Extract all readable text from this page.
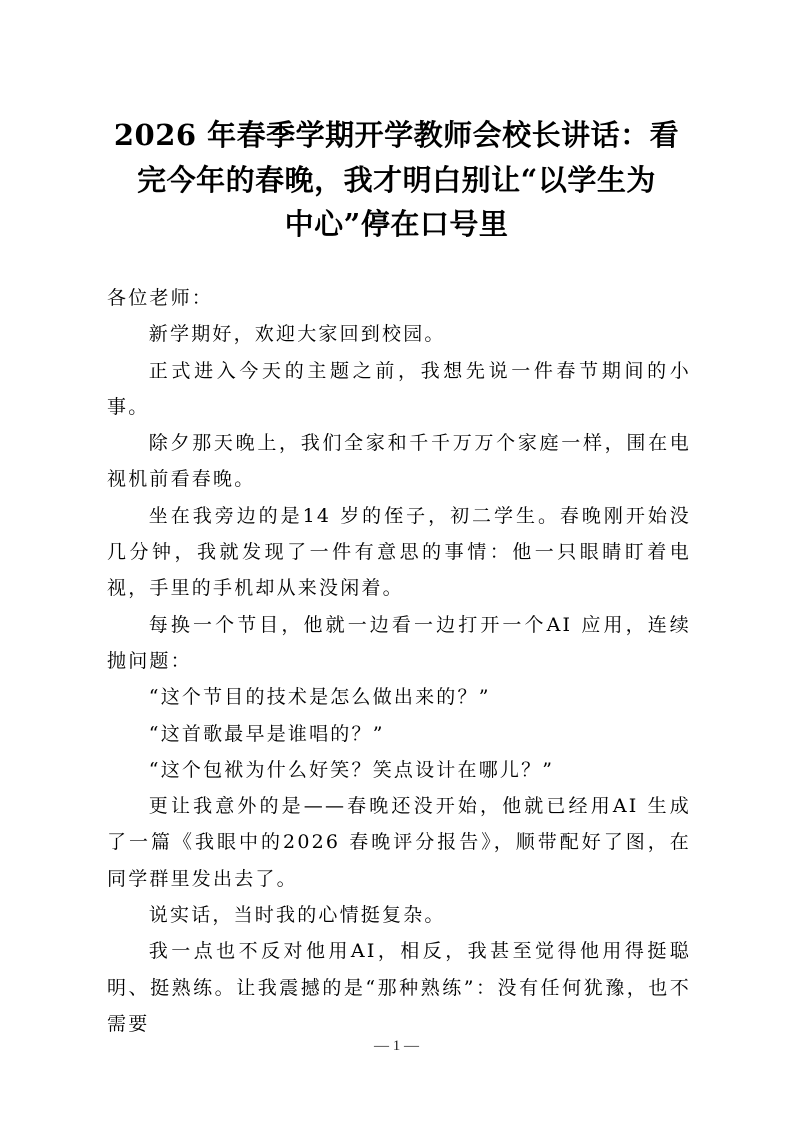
2026 年春季学期开学教师会校长讲话：看
完今年的春晚，我才明白别让“以学生为
中心”停在口号里

各位老师：

新学期好，欢迎大家回到校园。

正式进入今天的主题之前，我想先说一件春节期间的小事。

除夕那天晚上，我们全家和千千万万个家庭一样，围在电视机前看春晚。

坐在我旁边的是14 岁的侄子，初二学生。春晚刚开始没几分钟，我就发现了一件有意思的事情：他一只眼睛盯着电视，手里的手机却从来没闲着。

每换一个节目，他就一边看一边打开一个AI 应用，连续抛问题：

“这个节目的技术是怎么做出来的？”

“这首歌最早是谁唱的？”

“这个包袱为什么好笑？笑点设计在哪儿？”

更让我意外的是——春晚还没开始，他就已经用AI 生成了一篇《我眼中的2026 春晚评分报告》，顺带配好了图，在同学群里发出去了。

说实话，当时我的心情挺复杂。

我一点也不反对他用AI，相反，我甚至觉得他用得挺聪明、挺熟练。让我震撼的是“那种熟练”：没有任何犹豫，也不需要

— 1 —
